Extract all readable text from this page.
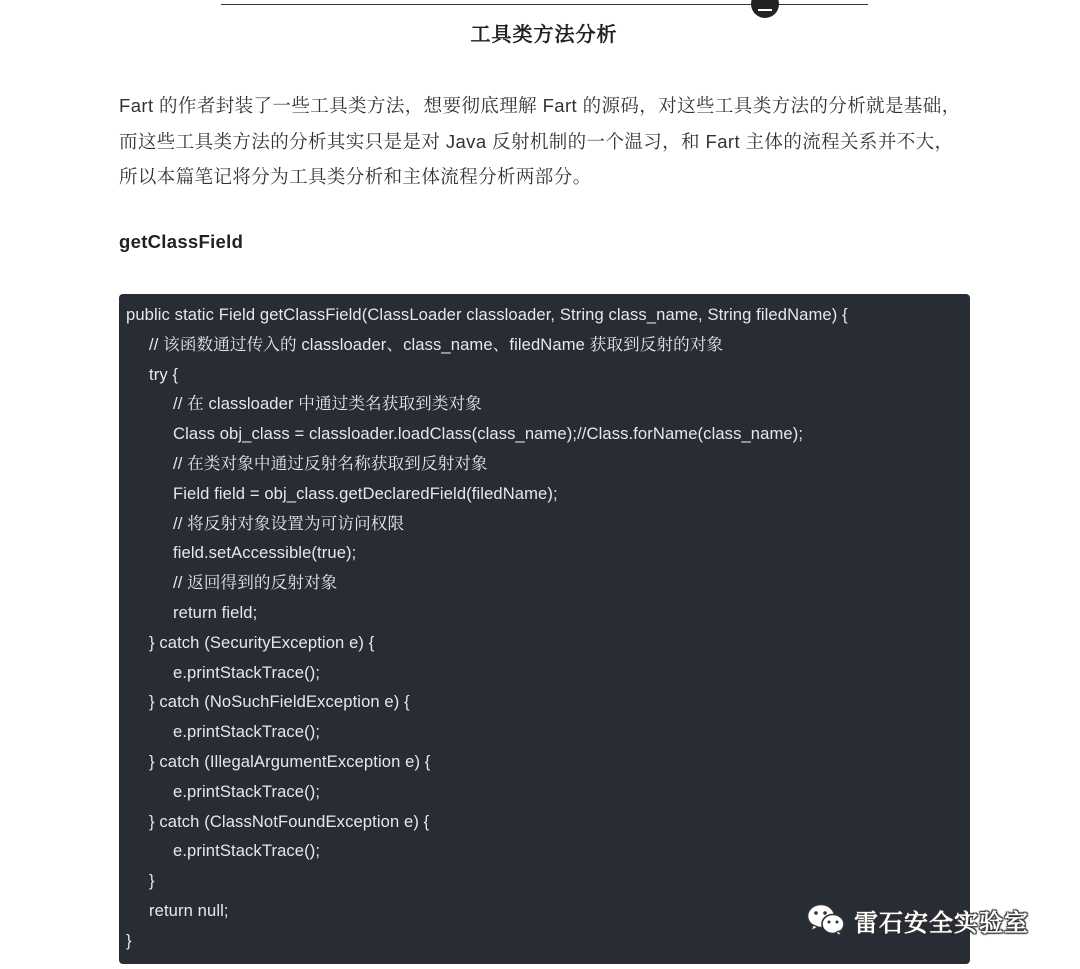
工具类方法分析

Fart 的作者封装了一些工具类方法，想要彻底理解 Fart 的源码，对这些工具类方法的分析就是基础，而这些工具类方法的分析其实只是是对 Java 反射机制的一个温习，和 Fart 主体的流程关系并不大，所以本篇笔记将分为工具类分析和主体流程分析两部分。

getClassField
public static Field getClassField(ClassLoader classloader, String class_name, String filedName) {
// 该函数通过传入的 classloader、class_name、filedName 获取到反射的对象
try {
// 在 classloader 中通过类名获取到类对象
Class obj_class = classloader.loadClass(class_name);//Class.forName(class_name);
// 在类对象中通过反射名称获取到反射对象
Field field = obj_class.getDeclaredField(filedName);
// 将反射对象设置为可访问权限
field.setAccessible(true);
// 返回得到的反射对象
return field;
} catch (SecurityException e) {
e.printStackTrace();
} catch (NoSuchFieldException e) {
e.printStackTrace();
} catch (IllegalArgumentException e) {
e.printStackTrace();
} catch (ClassNotFoundException e) {
e.printStackTrace();
}
return null;
}
雷石安全实验室
